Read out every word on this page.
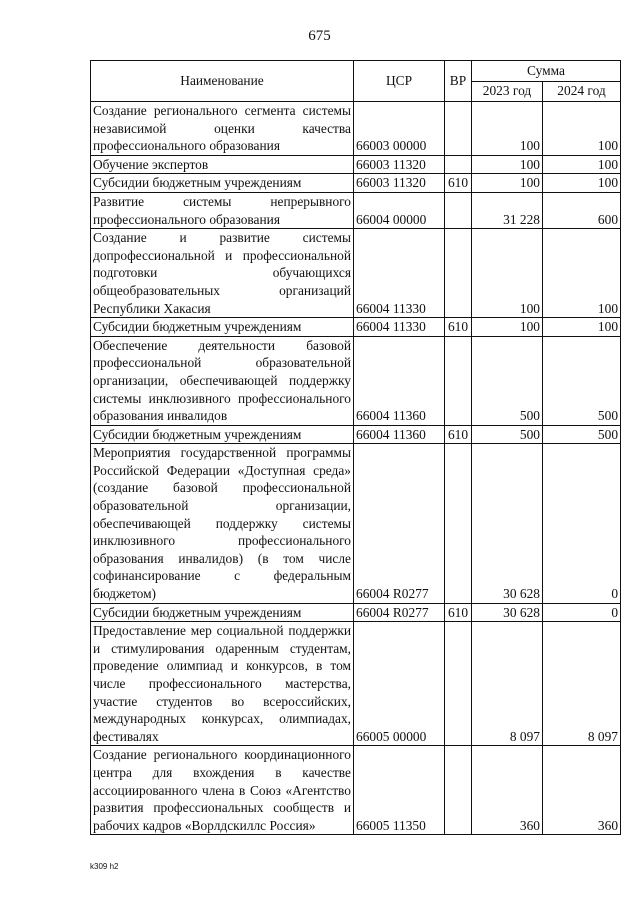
675
Наименование	ЦСР	ВР	Сумма	
			2023 год	2024 год
Создание регионального сегмента системы независимой оценки качества профессионального образования	66003 00000		100	100
Обучение экспертов	66003 11320		100	100
Субсидии бюджетным учреждениям	66003 11320	610	100	100
Развитие системы непрерывного профессионального образования	66004 00000		31 228	600
Создание и развитие системы допрофессиональной и профессиональной подготовки обучающихся общеобразовательных организаций Республики Хакасия	66004 11330		100	100
Субсидии бюджетным учреждениям	66004 11330	610	100	100
Обеспечение деятельности базовой профессиональной образовательной организации, обеспечивающей поддержку системы инклюзивного профессионального образования инвалидов	66004 11360		500	500
Субсидии бюджетным учреждениям	66004 11360	610	500	500
Мероприятия государственной программы Российской Федерации «Доступная среда» (создание базовой профессиональной образовательной организации, обеспечивающей поддержку системы инклюзивного профессионального образования инвалидов) (в том числе софинансирование с федеральным бюджетом)	66004 R0277		30 628	0
Субсидии бюджетным учреждениям	66004 R0277	610	30 628	0
Предоставление мер социальной поддержки и стимулирования одаренным студентам, проведение олимпиад и конкурсов, в том числе профессионального мастерства, участие студентов во всероссийских, международных конкурсах, олимпиадах, фестивалях	66005 00000		8 097	8 097
Создание регионального координационного центра для вхождения в качестве ассоциированного члена в Союз «Агентство развития профессиональных сообществ и рабочих кадров «Ворлдскиллс Россия»	66005 11350		360	360
k309 h2
